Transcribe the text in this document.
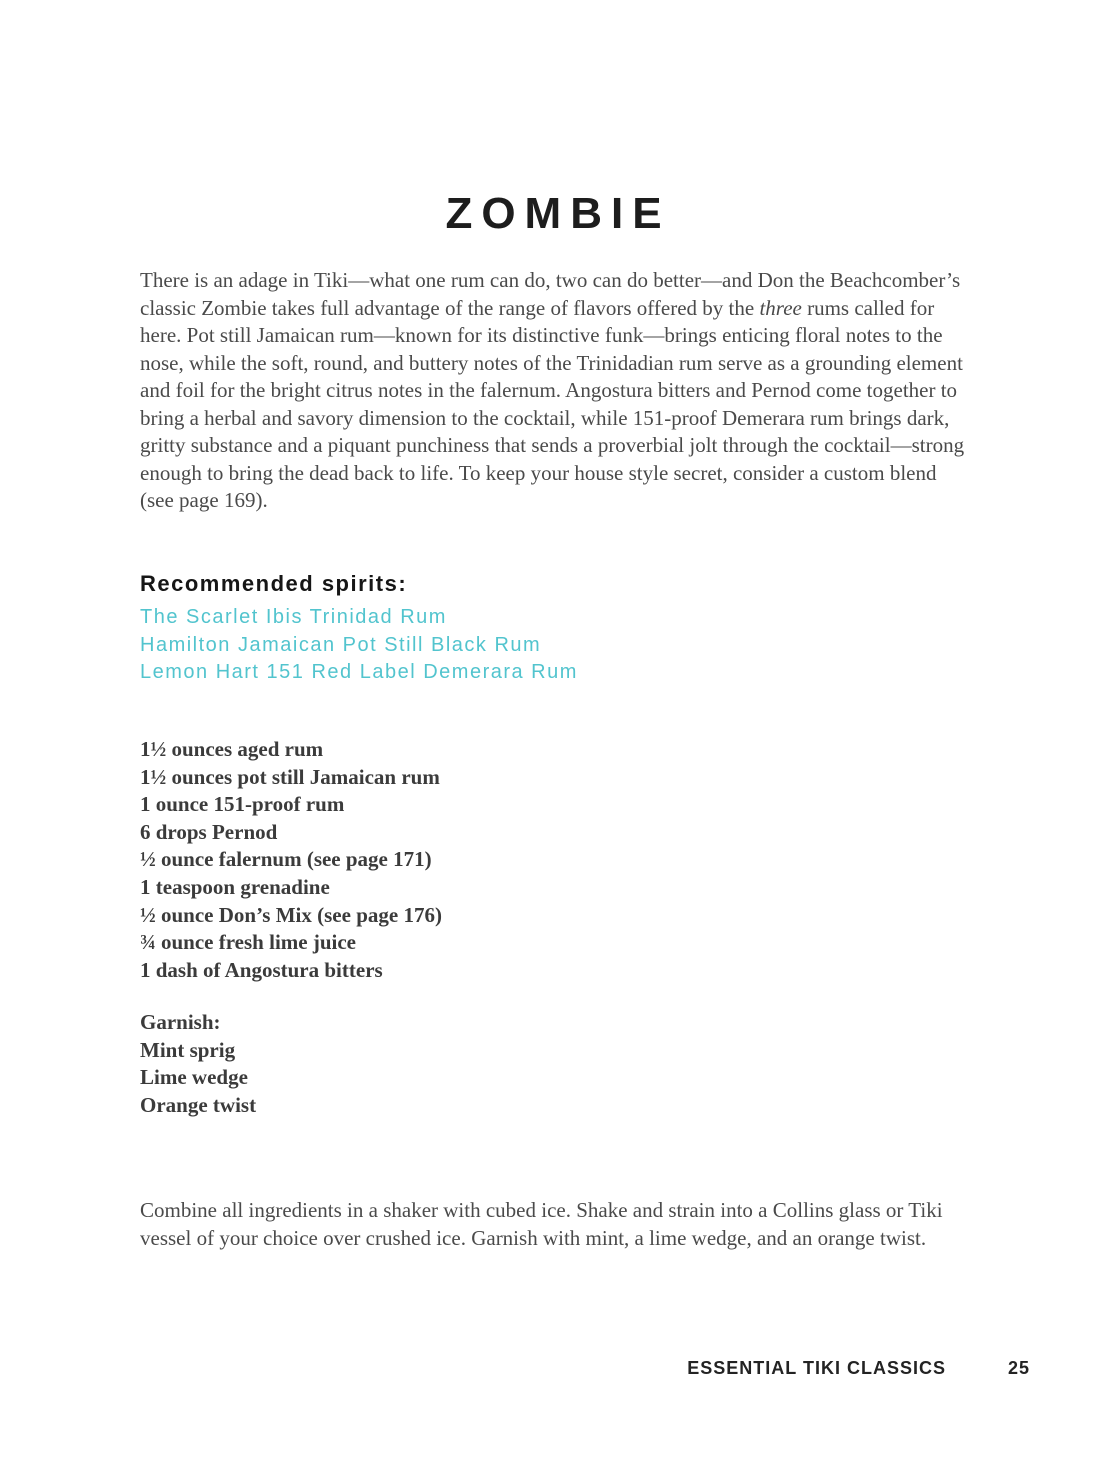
ZOMBIE

There is an adage in Tiki—what one rum can do, two can do better—and Don the Beachcomber’s classic Zombie takes full advantage of the range of flavors offered by the three rums called for here. Pot still Jamaican rum—known for its distinctive funk—brings enticing floral notes to the nose, while the soft, round, and buttery notes of the Trinidadian rum serve as a grounding element and foil for the bright citrus notes in the falernum. Angostura bitters and Pernod come together to bring a herbal and savory dimension to the cocktail, while 151-proof Demerara rum brings dark, gritty substance and a piquant punchiness that sends a proverbial jolt through the cocktail—strong enough to bring the dead back to life. To keep your house style secret, consider a custom blend (see page 169).

Recommended spirits:

The Scarlet Ibis Trinidad Rum
Hamilton Jamaican Pot Still Black Rum
Lemon Hart 151 Red Label Demerara Rum
1½ ounces aged rum
1½ ounces pot still Jamaican rum
1 ounce 151-proof rum
6 drops Pernod
½ ounce falernum (see page 171)
1 teaspoon grenadine
½ ounce Don’s Mix (see page 176)
¾ ounce fresh lime juice
1 dash of Angostura bitters

Garnish:

Mint sprig
Lime wedge
Orange twist

Combine all ingredients in a shaker with cubed ice. Shake and strain into a Collins glass or Tiki vessel of your choice over crushed ice. Garnish with mint, a lime wedge, and an orange twist.

ESSENTIAL TIKI CLASSICS	25
